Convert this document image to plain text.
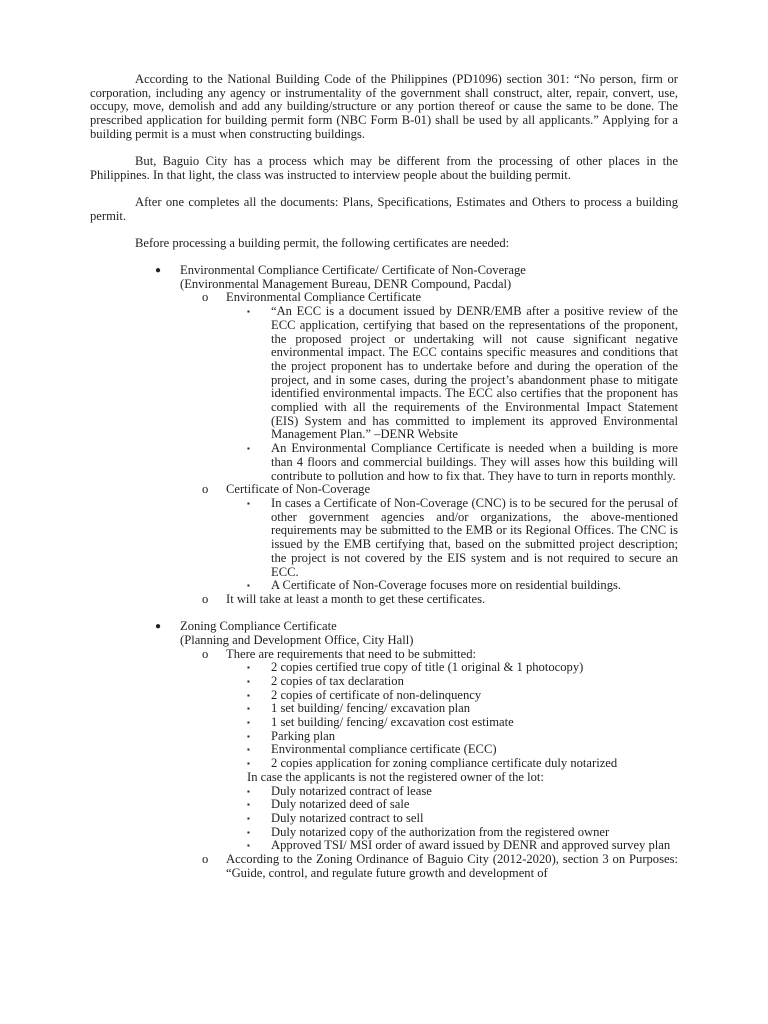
According to the National Building Code of the Philippines (PD1096) section 301: “No person, firm or corporation, including any agency or instrumentality of the government shall construct, alter, repair, convert, use, occupy, move, demolish and add any building/structure or any portion thereof or cause the same to be done. The prescribed application for building permit form (NBC Form B-01) shall be used by all applicants.” Applying for a building permit is a must when constructing buildings.

But, Baguio City has a process which may be different from the processing of other places in the Philippines. In that light, the class was instructed to interview people about the building permit.

After one completes all the documents: Plans, Specifications, Estimates and Others to process a building permit.

Before processing a building permit, the following certificates are needed:

● Environmental Compliance Certificate/ Certificate of Non-Coverage
(Environmental Management Bureau, DENR Compound, Pacdal)
o Environmental Compliance Certificate
▪ “An ECC is a document issued by DENR/EMB after a positive review of the ECC application, certifying that based on the representations of the proponent, the proposed project or undertaking will not cause significant negative environmental impact. The ECC contains specific measures and conditions that the project proponent has to undertake before and during the operation of the project, and in some cases, during the project’s abandonment phase to mitigate identified environmental impacts. The ECC also certifies that the proponent has complied with all the requirements of the Environmental Impact Statement (EIS) System and has committed to implement its approved Environmental Management Plan.” –DENR Website
▪ An Environmental Compliance Certificate is needed when a building is more than 4 floors and commercial buildings. They will asses how this building will contribute to pollution and how to fix that. They have to turn in reports monthly.
o Certificate of Non-Coverage
▪ In cases a Certificate of Non-Coverage (CNC) is to be secured for the perusal of other government agencies and/or organizations, the above-mentioned requirements may be submitted to the EMB or its Regional Offices. The CNC is issued by the EMB certifying that, based on the submitted project description; the project is not covered by the EIS system and is not required to secure an ECC.
▪ A Certificate of Non-Coverage focuses more on residential buildings.
o It will take at least a month to get these certificates.
● Zoning Compliance Certificate
(Planning and Development Office, City Hall)
o There are requirements that need to be submitted:
▪ 2 copies certified true copy of title (1 original & 1 photocopy)
▪ 2 copies of tax declaration
▪ 2 copies of certificate of non-delinquency
▪ 1 set building/ fencing/ excavation plan
▪ 1 set building/ fencing/ excavation cost estimate
▪ Parking plan
▪ Environmental compliance certificate (ECC)
▪ 2 copies application for zoning compliance certificate duly notarized
In case the applicants is not the registered owner of the lot:
▪ Duly notarized contract of lease
▪ Duly notarized deed of sale
▪ Duly notarized contract to sell
▪ Duly notarized copy of the authorization from the registered owner
▪ Approved TSI/ MSI order of award issued by DENR and approved survey plan
o According to the Zoning Ordinance of Baguio City (2012-2020), section 3 on Purposes: “Guide, control, and regulate future growth and development of
